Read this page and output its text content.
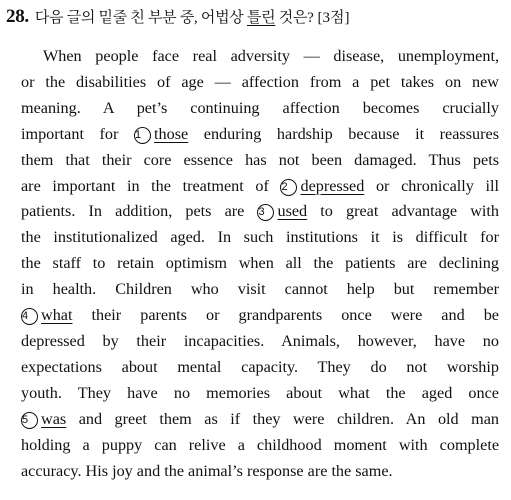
28. 다음 글의 밑줄 친 부분 중, 어법상 틀린 것은? [3점]
When people face real adversity — disease, unemployment,
or the disabilities of age — affection from a pet takes on new
meaning. A pet’s continuing affection becomes crucially
important for 1 those enduring hardship because it reassures
them that their core essence has not been damaged. Thus pets
are important in the treatment of 2 depressed or chronically ill
patients. In addition, pets are 3 used to great advantage with
the institutionalized aged. In such institutions it is difficult for
the staff to retain optimism when all the patients are declining
in health. Children who visit cannot help but remember
4 what their parents or grandparents once were and be
depressed by their incapacities. Animals, however, have no
expectations about mental capacity. They do not worship
youth. They have no memories about what the aged once
5 was and greet them as if they were children. An old man
holding a puppy can relive a childhood moment with complete
accuracy. His joy and the animal’s response are the same.
